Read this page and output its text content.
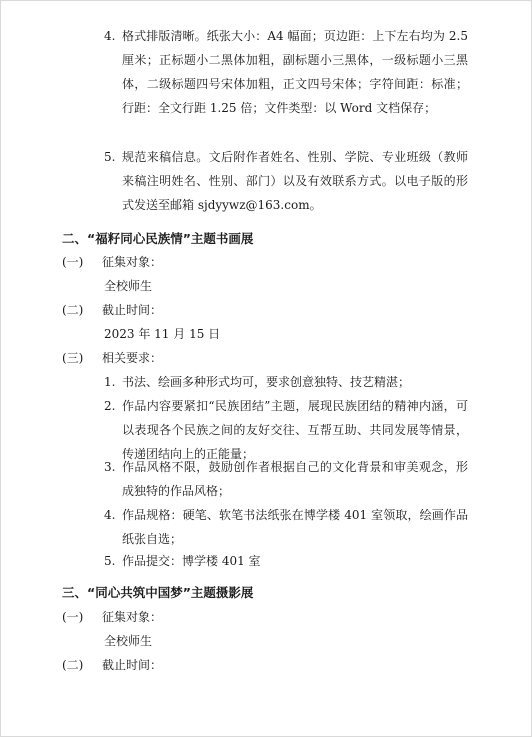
4. 格式排版清晰。纸张大小：A4 幅面；页边距：上下左右均为 2.5 厘米；正标题小二黑体加粗，副标题小三黑体，一级标题小三黑体，二级标题四号宋体加粗，正文四号宋体；字符间距：标准；行距：全文行距 1.25 倍；文件类型：以 Word 文档保存；
5. 规范来稿信息。文后附作者姓名、性别、学院、专业班级（教师来稿注明姓名、性别、部门）以及有效联系方式。以电子版的形式发送至邮箱 sjdyywz@163.com。
二、“福籽同心民族情”主题书画展
(一) 征集对象：
全校师生
(二) 截止时间：
2023 年 11 月 15 日
(三) 相关要求：
1. 书法、绘画多种形式均可，要求创意独特、技艺精湛；
2. 作品内容要紧扣“民族团结”主题，展现民族团结的精神内涵，可以表现各个民族之间的友好交往、互帮互助、共同发展等情景，传递团结向上的正能量；
3. 作品风格不限，鼓励创作者根据自己的文化背景和审美观念，形成独特的作品风格；
4. 作品规格：硬笔、软笔书法纸张在博学楼 401 室领取，绘画作品纸张自选；
5. 作品提交：博学楼 401 室
三、“同心共筑中国梦”主题摄影展
(一) 征集对象：
全校师生
(二) 截止时间：
